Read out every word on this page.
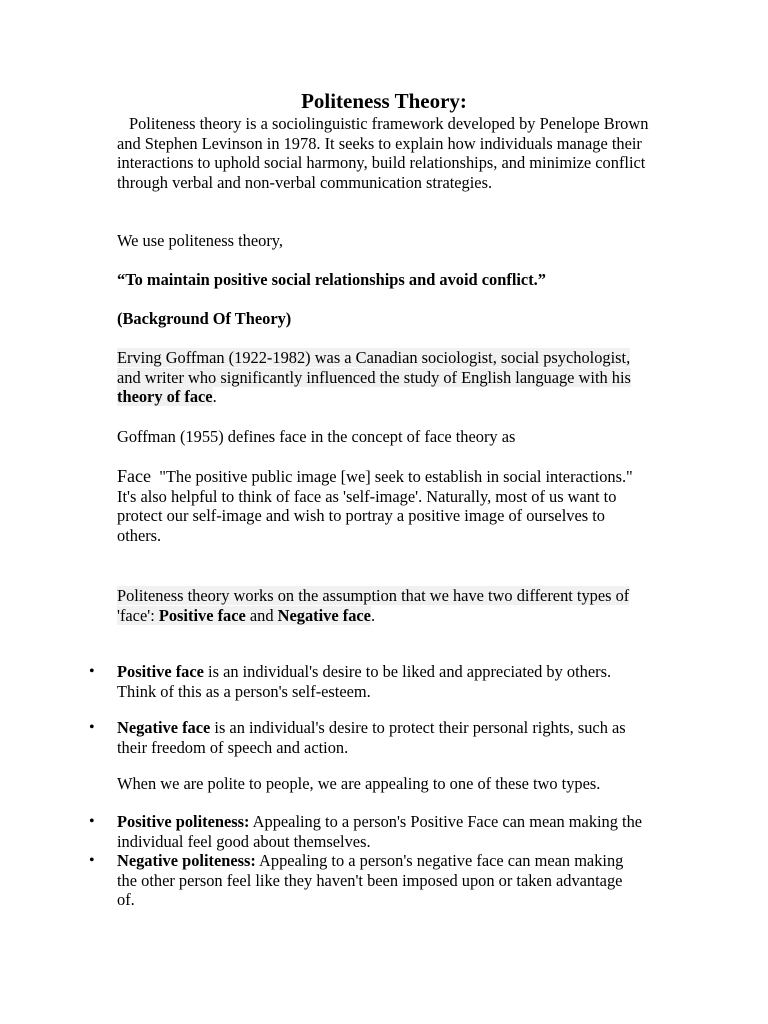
Politeness Theory:

Politeness theory is a sociolinguistic framework developed by Penelope Brown and Stephen Levinson in 1978. It seeks to explain how individuals manage their interactions to uphold social harmony, build relationships, and minimize conflict through verbal and non-verbal communication strategies.

We use politeness theory,

“To maintain positive social relationships and avoid conflict.”

(Background Of Theory)

Erving Goffman (1922-1982) was a Canadian sociologist, social psychologist, and writer who significantly influenced the study of English language with his theory of face.

Goffman (1955) defines face in the concept of face theory as

Face "The positive public image [we] seek to establish in social interactions." It's also helpful to think of face as 'self-image'. Naturally, most of us want to protect our self-image and wish to portray a positive image of ourselves to others.

Politeness theory works on the assumption that we have two different types of 'face': Positive face and Negative face.

•	Positive face is an individual's desire to be liked and appreciated by others. Think of this as a person's self-esteem.
•	Negative face is an individual's desire to protect their personal rights, such as their freedom of speech and action.

When we are polite to people, we are appealing to one of these two types.

•	Positive politeness: Appealing to a person's Positive Face can mean making the individual feel good about themselves.
•	Negative politeness: Appealing to a person's negative face can mean making the other person feel like they haven't been imposed upon or taken advantage of.
